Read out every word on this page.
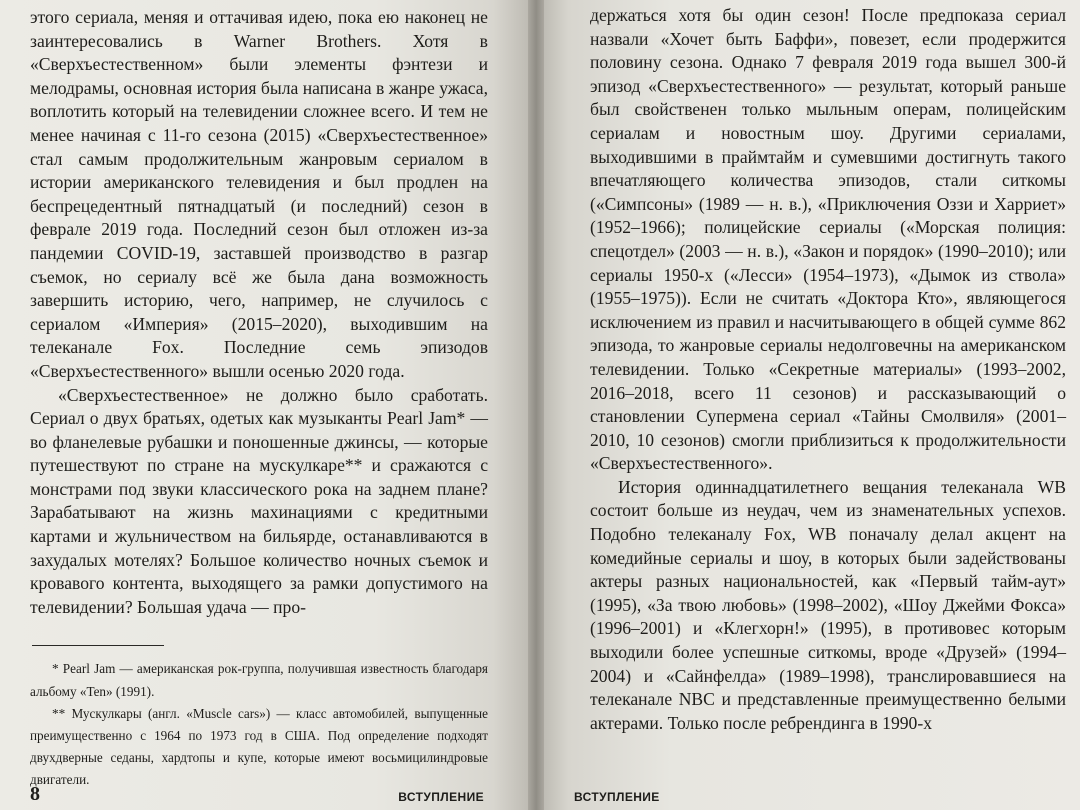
этого сериала, меняя и оттачивая идею, пока ею наконец не заинтересовались в Warner Brothers. Хотя в «Сверхъестественном» были элементы фэнтези и мелодрамы, основная история была написана в жанре ужаса, воплотить который на телевидении сложнее всего. И тем не менее начиная с 11-го сезона (2015) «Сверхъестественное» стал самым продолжительным жанровым сериалом в истории американского телевидения и был продлен на беспрецедентный пятнадцатый (и последний) сезон в феврале 2019 года. Последний сезон был отложен из-за пандемии COVID-19, заставшей производство в разгар съемок, но сериалу всё же была дана возможность завершить историю, чего, например, не случилось с сериалом «Империя» (2015–2020), выходившим на телеканале Fox. Последние семь эпизодов «Сверхъестественного» вышли осенью 2020 года.

«Сверхъестественное» не должно было сработать. Сериал о двух братьях, одетых как музыканты Pearl Jam* — во фланелевые рубашки и поношенные джинсы, — которые путешествуют по стране на мускулкаре** и сражаются с монстрами под звуки классического рока на заднем плане? Зарабатывают на жизнь махинациями с кредитными картами и жульничеством на бильярде, останавливаются в захудалых мотелях? Большое количество ночных съемок и кровавого контента, выходящего за рамки допустимого на телевидении? Большая удача — про-

* Pearl Jam — американская рок-группа, получившая известность благодаря альбому «Ten» (1991).

** Мускулкары (англ. «Muscle cars») — класс автомобилей, выпущенные преимущественно с 1964 по 1973 год в США. Под определение подходят двухдверные седаны, хардтопы и купе, которые имеют восьмицилиндровые двигатели.

8	ВСТУПЛЕНИЕ

держаться хотя бы один сезон! После предпоказа сериал назвали «Хочет быть Баффи», повезет, если продержится половину сезона. Однако 7 февраля 2019 года вышел 300-й эпизод «Сверхъестественного» — результат, который раньше был свойственен только мыльным операм, полицейским сериалам и новостным шоу. Другими сериалами, выходившими в праймтайм и сумевшими достигнуть такого впечатляющего количества эпизодов, стали ситкомы («Симпсоны» (1989 — н. в.), «Приключения Оззи и Харриет» (1952–1966); полицейские сериалы («Морская полиция: спецотдел» (2003 — н. в.), «Закон и порядок» (1990–2010); или сериалы 1950-х («Лесси» (1954–1973), «Дымок из ствола» (1955–1975)). Если не считать «Доктора Кто», являющегося исключением из правил и насчитывающего в общей сумме 862 эпизода, то жанровые сериалы недолговечны на американском телевидении. Только «Секретные материалы» (1993–2002, 2016–2018, всего 11 сезонов) и рассказывающий о становлении Супермена сериал «Тайны Смолвиля» (2001–2010, 10 сезонов) смогли приблизиться к продолжительности «Сверхъестественного».

История одиннадцатилетнего вещания телеканала WB состоит больше из неудач, чем из знаменательных успехов. Подобно телеканалу Fox, WB поначалу делал акцент на комедийные сериалы и шоу, в которых были задействованы актеры разных национальностей, как «Первый тайм-аут» (1995), «За твою любовь» (1998–2002), «Шоу Джейми Фокса» (1996–2001) и «Клегхорн!» (1995), в противовес которым выходили более успешные ситкомы, вроде «Друзей» (1994–2004) и «Сайнфелда» (1989–1998), транслировавшиеся на телеканале NBC и представленные преимущественно белыми актерами. Только после ребрендинга в 1990-х

ВСТУПЛЕНИЕ
